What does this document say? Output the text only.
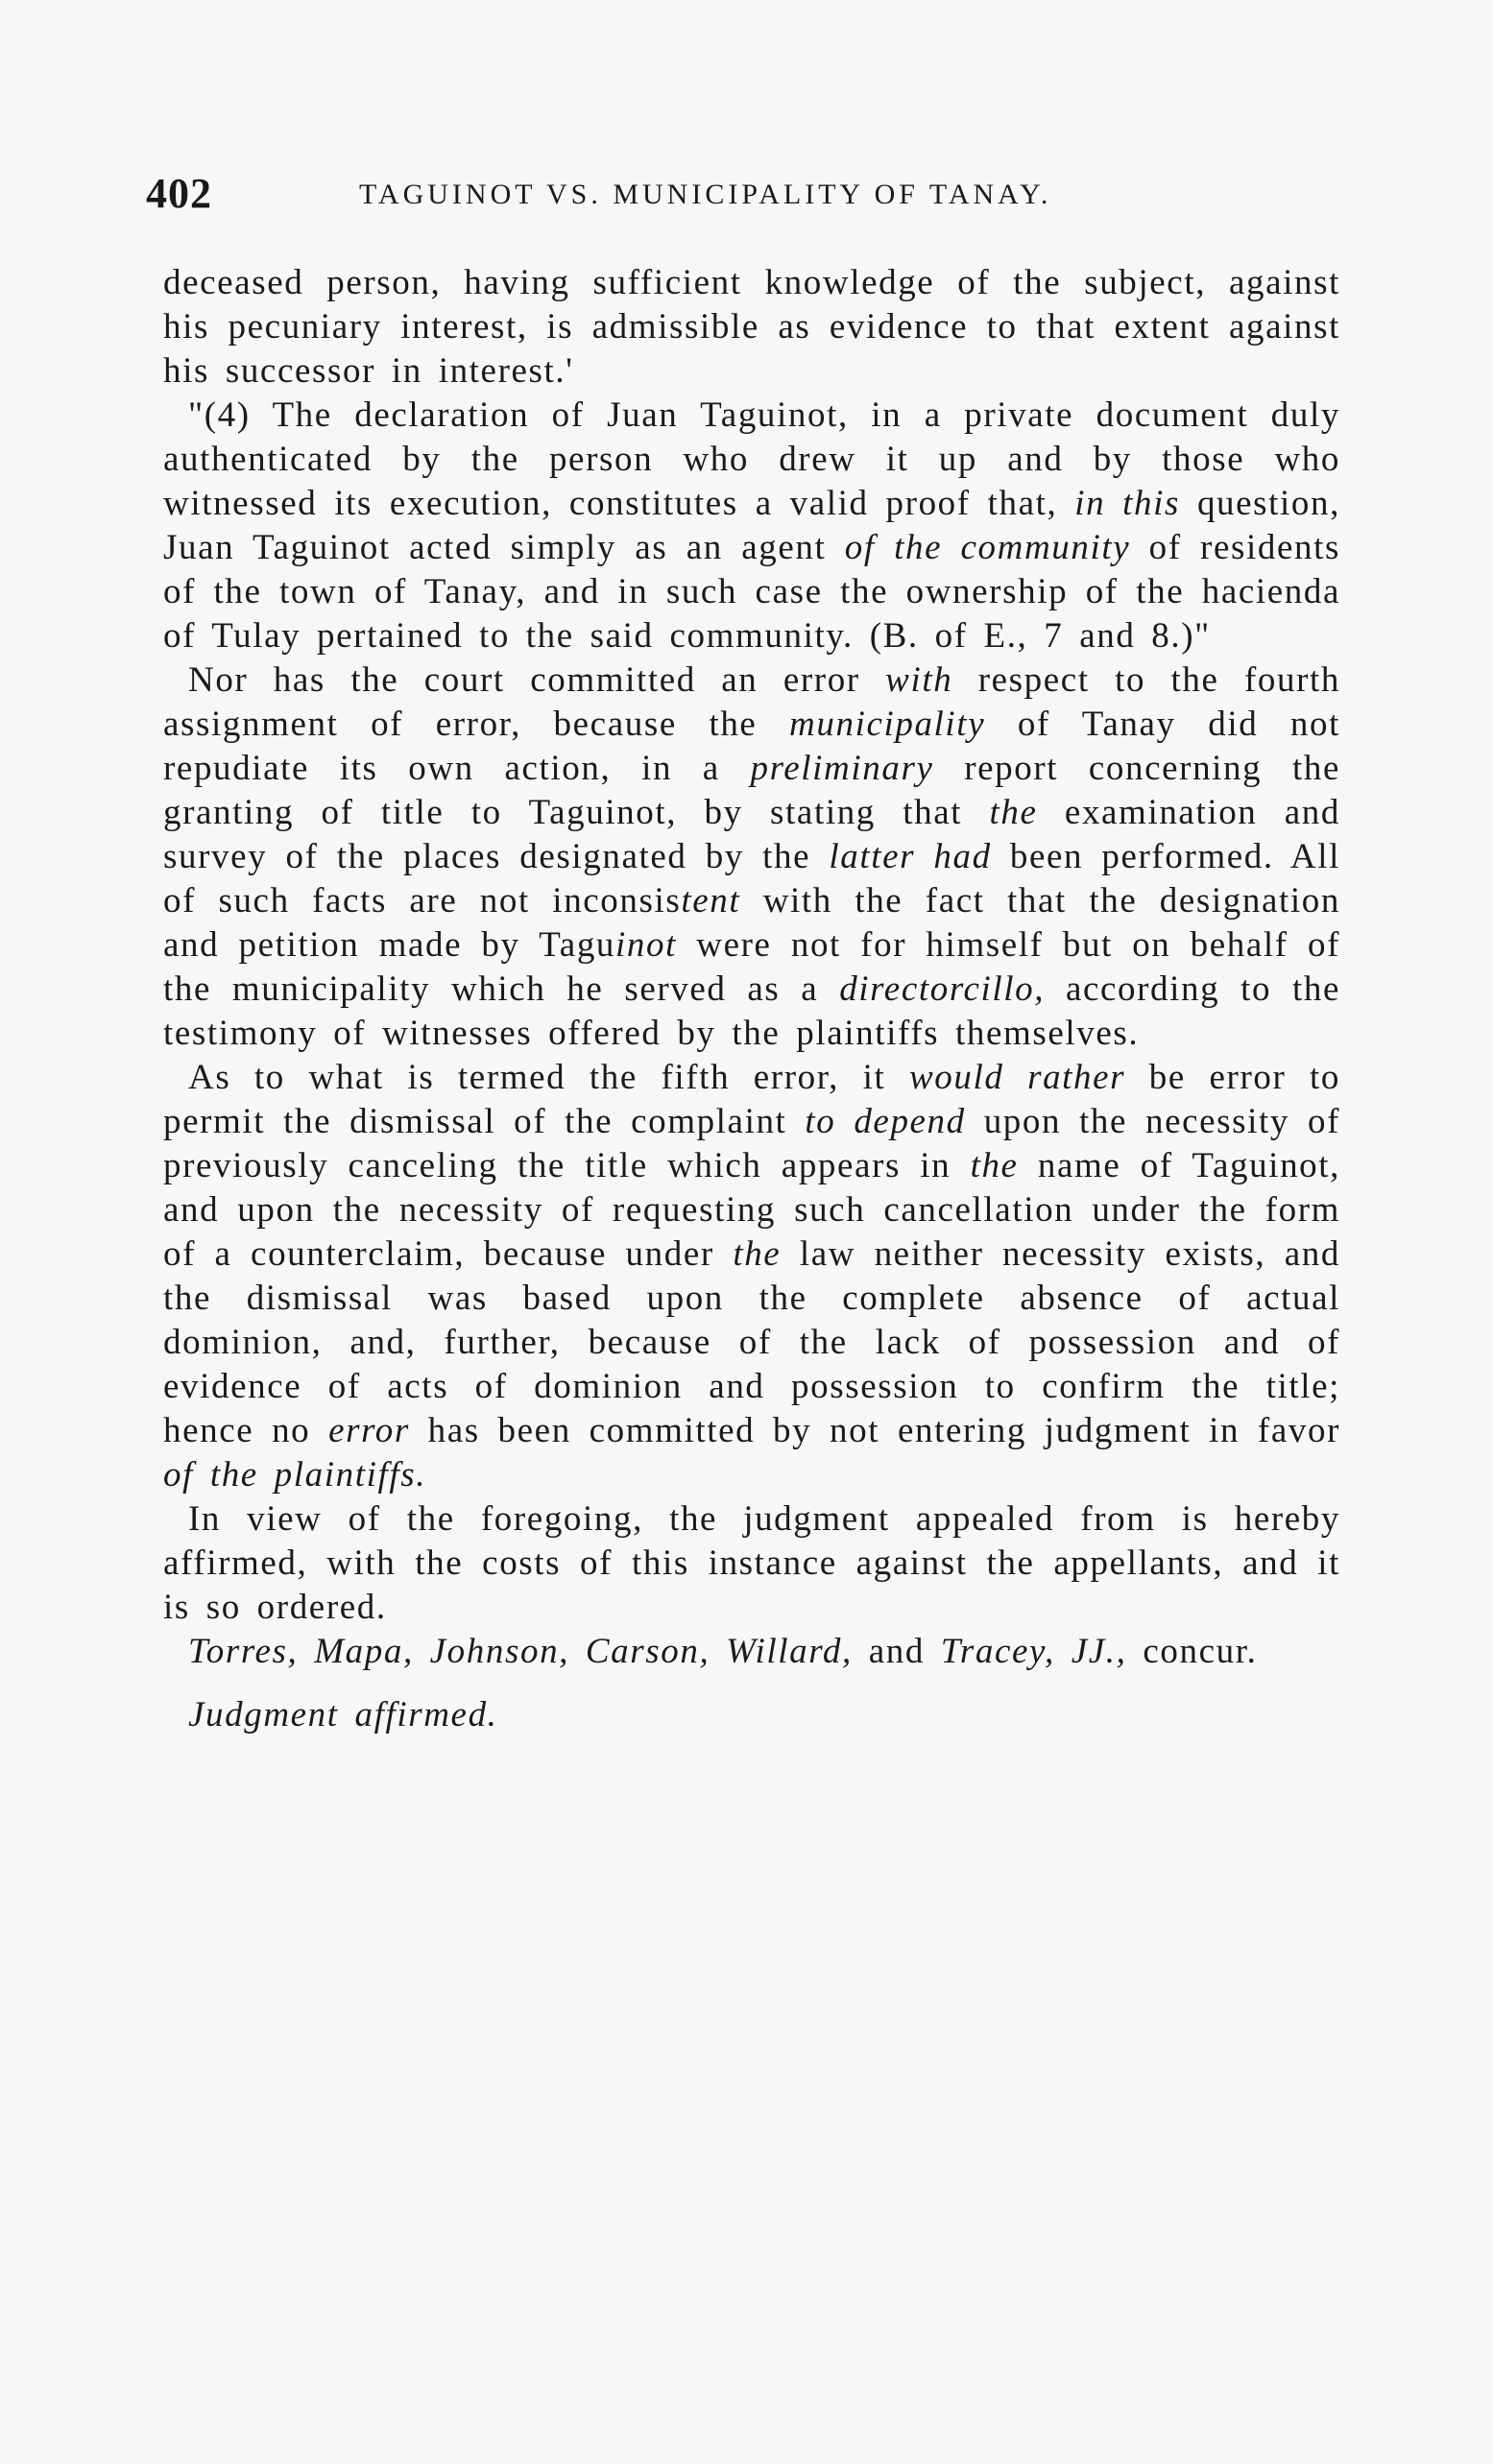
402	TAGUINOT VS. MUNICIPALITY OF TANAY.

deceased person, having sufficient knowledge of the subject, against his pecuniary interest, is admissible as evidence to that extent against his successor in interest.'

"(4) The declaration of Juan Taguinot, in a private document duly authenticated by the person who drew it up and by those who witnessed its execution, constitutes a valid proof that, in this question, Juan Taguinot acted simply as an agent of the community of residents of the town of Tanay, and in such case the ownership of the hacienda of Tulay pertained to the said community. (B. of E., 7 and 8.)"

Nor has the court committed an error with respect to the fourth assignment of error, because the municipality of Tanay did not repudiate its own action, in a preliminary report concerning the granting of title to Taguinot, by stating that the examination and survey of the places designated by the latter had been performed. All of such facts are not inconsistent with the fact that the designation and petition made by Taguinot were not for himself but on behalf of the municipality which he served as a directorcillo, according to the testimony of witnesses offered by the plaintiffs themselves.

As to what is termed the fifth error, it would rather be error to permit the dismissal of the complaint to depend upon the necessity of previously canceling the title which appears in the name of Taguinot, and upon the necessity of requesting such cancellation under the form of a counterclaim, because under the law neither necessity exists, and the dismissal was based upon the complete absence of actual dominion, and, further, because of the lack of possession and of evidence of acts of dominion and possession to confirm the title; hence no error has been committed by not entering judgment in favor of the plaintiffs.

In view of the foregoing, the judgment appealed from is hereby affirmed, with the costs of this instance against the appellants, and it is so ordered.

Torres, Mapa, Johnson, Carson, Willard, and Tracey, JJ., concur.

Judgment affirmed.
